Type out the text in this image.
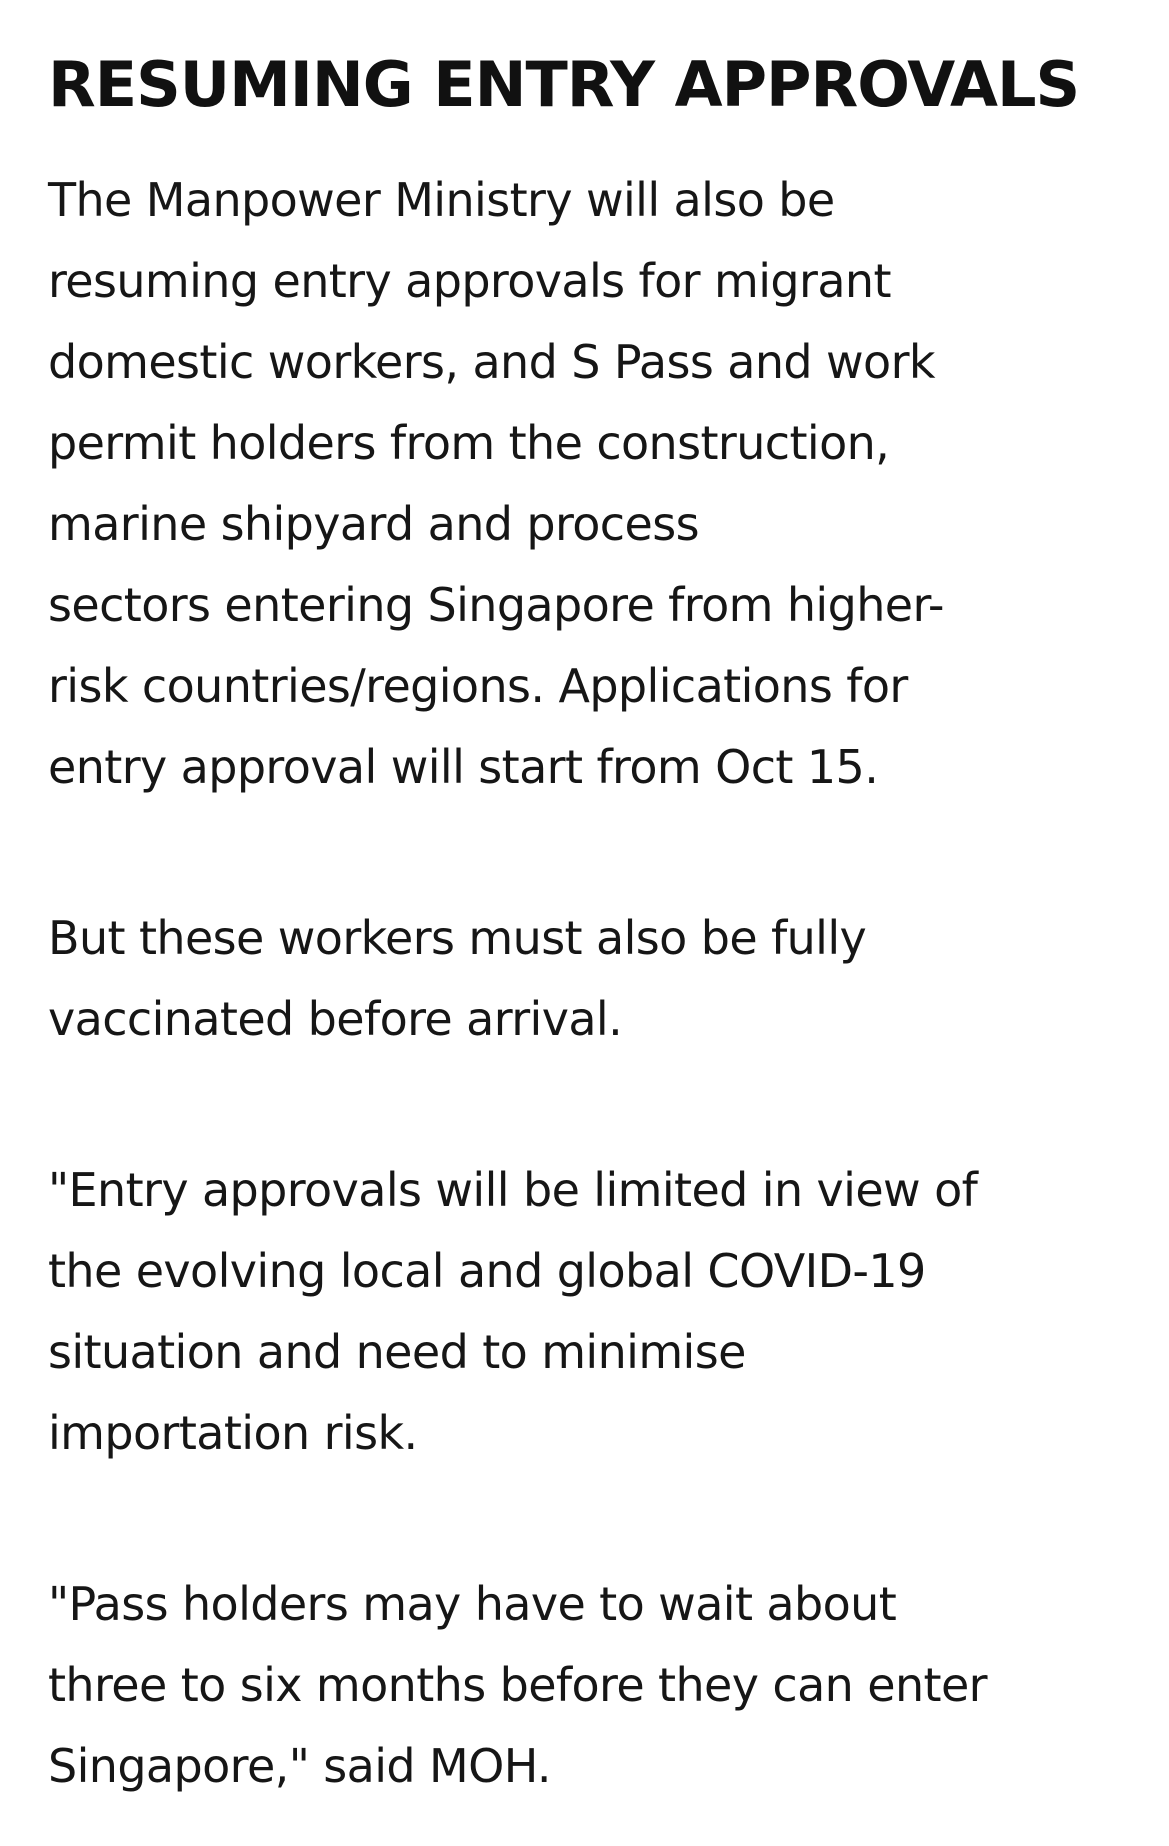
RESUMING ENTRY APPROVALS

The Manpower Ministry will also be
resuming entry approvals for migrant
domestic workers, and S Pass and work
permit holders from the construction,
marine shipyard and process
sectors entering Singapore from higher-
risk countries/regions. Applications for
entry approval will start from Oct 15.

But these workers must also be fully
vaccinated before arrival.

"Entry approvals will be limited in view of
the evolving local and global COVID-19
situation and need to minimise
importation risk.

"Pass holders may have to wait about
three to six months before they can enter
Singapore," said MOH.
